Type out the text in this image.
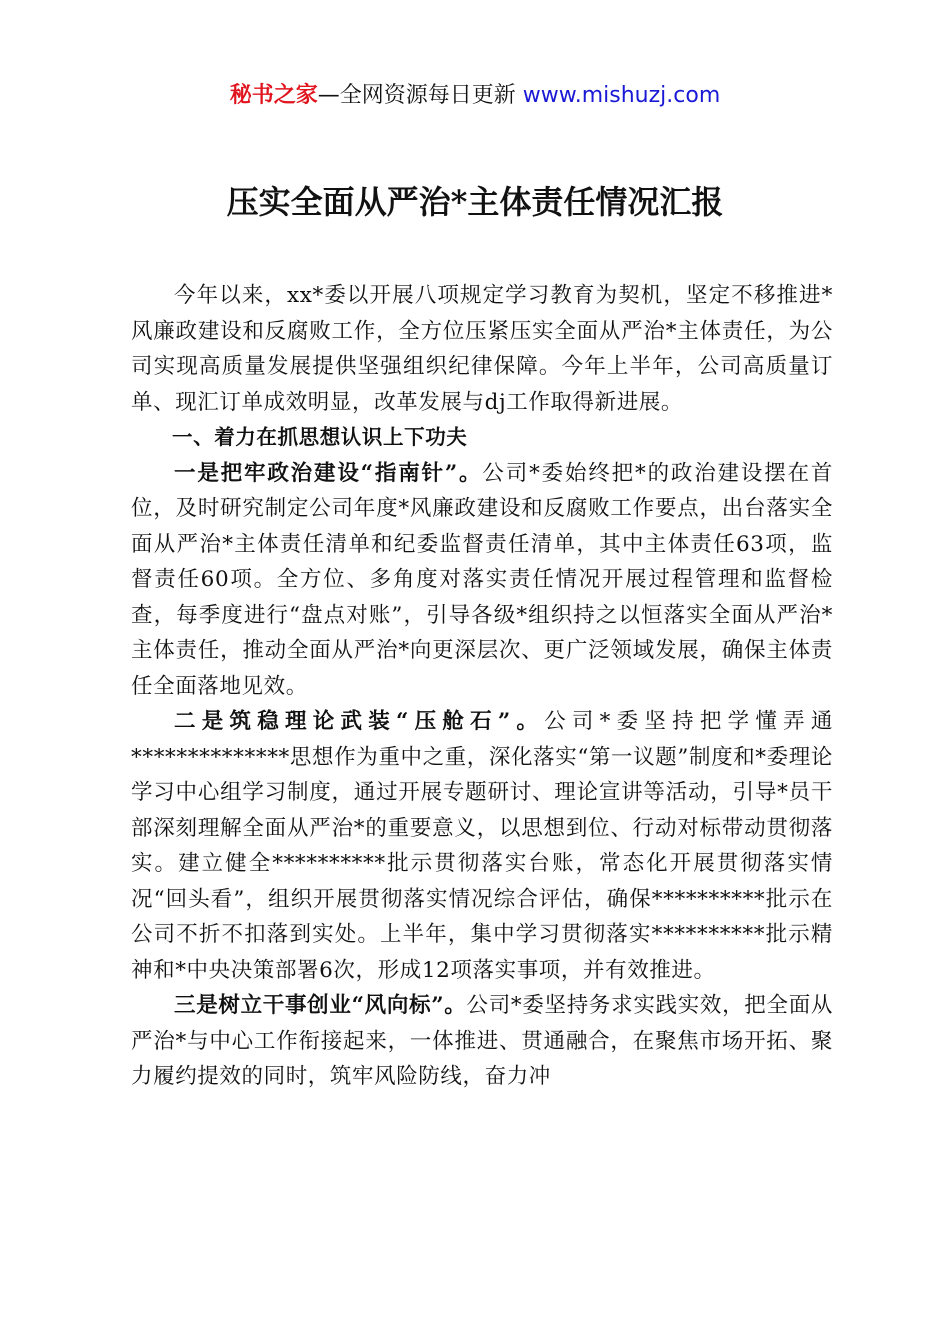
秘书之家—全网资源每日更新 www.mishuzj.com
压实全面从严治*主体责任情况汇报

今年以来，xx*委以开展八项规定学习教育为契机，坚定不移推进*风廉政建设和反腐败工作，全方位压紧压实全面从严治*主体责任，为公司实现高质量发展提供坚强组织纪律保障。今年上半年，公司高质量订单、现汇订单成效明显，改革发展与dj工作取得新进展。

一、着力在抓思想认识上下功夫

一是把牢政治建设“指南针”。公司*委始终把*的政治建设摆在首位，及时研究制定公司年度*风廉政建设和反腐败工作要点，出台落实全面从严治*主体责任清单和纪委监督责任清单，其中主体责任63项，监督责任60项。全方位、多角度对落实责任情况开展过程管理和监督检查，每季度进行“盘点对账”，引导各级*组织持之以恒落实全面从严治*主体责任，推动全面从严治*向更深层次、更广泛领域发展，确保主体责任全面落地见效。

二是筑稳理论武装“压舱石”。公司*委坚持把学懂弄通**************思想作为重中之重，深化落实“第一议题”制度和*委理论学习中心组学习制度，通过开展专题研讨、理论宣讲等活动，引导*员干部深刻理解全面从严治*的重要意义，以思想到位、行动对标带动贯彻落实。建立健全**********批示贯彻落实台账，常态化开展贯彻落实情况“回头看”，组织开展贯彻落实情况综合评估，确保**********批示在公司不折不扣落到实处。上半年，集中学习贯彻落实**********批示精神和*中央决策部署6次，形成12项落实事项，并有效推进。

三是树立干事创业“风向标”。公司*委坚持务求实践实效，把全面从严治*与中心工作衔接起来，一体推进、贯通融合，在聚焦市场开拓、聚力履约提效的同时，筑牢风险防线，奋力冲
